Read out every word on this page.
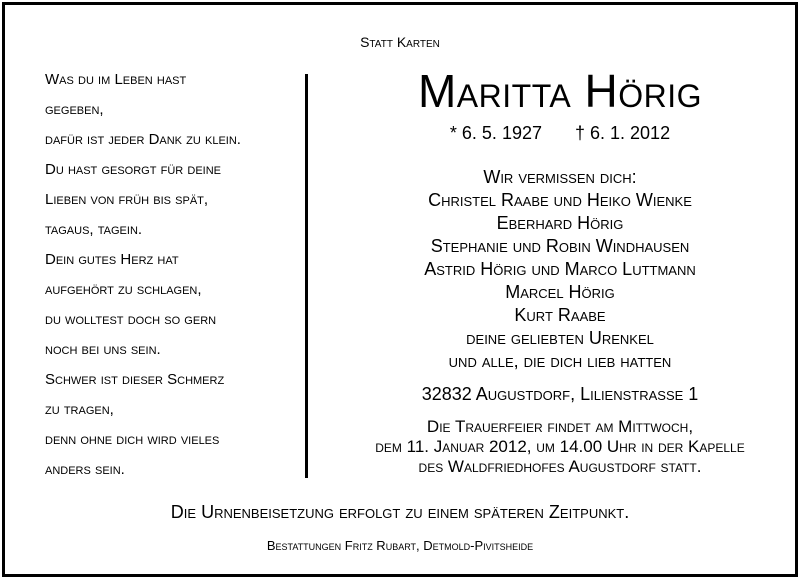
Statt Karten
Was du im Leben hast
gegeben,
dafür ist jeder Dank zu klein.
Du hast gesorgt für deine
Lieben von früh bis spät,
tagaus, tagein.
Dein gutes Herz hat
aufgehört zu schlagen,
du wolltest doch so gern
noch bei uns sein.
Schwer ist dieser Schmerz
zu tragen,
denn ohne dich wird vieles
anders sein.
Maritta Hörig
* 6. 5. 1927 † 6. 1. 2012
Wir vermissen dich:
Christel Raabe und Heiko Wienke
Eberhard Hörig
Stephanie und Robin Windhausen
Astrid Hörig und Marco Luttmann
Marcel Hörig
Kurt Raabe
deine geliebten Urenkel
und alle, die dich lieb hatten
32832 Augustdorf, Lilienstrasse 1
Die Trauerfeier findet am Mittwoch,
dem 11. Januar 2012, um 14.00 Uhr in der Kapelle
des Waldfriedhofes Augustdorf statt.
Die Urnenbeisetzung erfolgt zu einem späteren Zeitpunkt.
Bestattungen Fritz Rubart, Detmold-Pivitsheide
